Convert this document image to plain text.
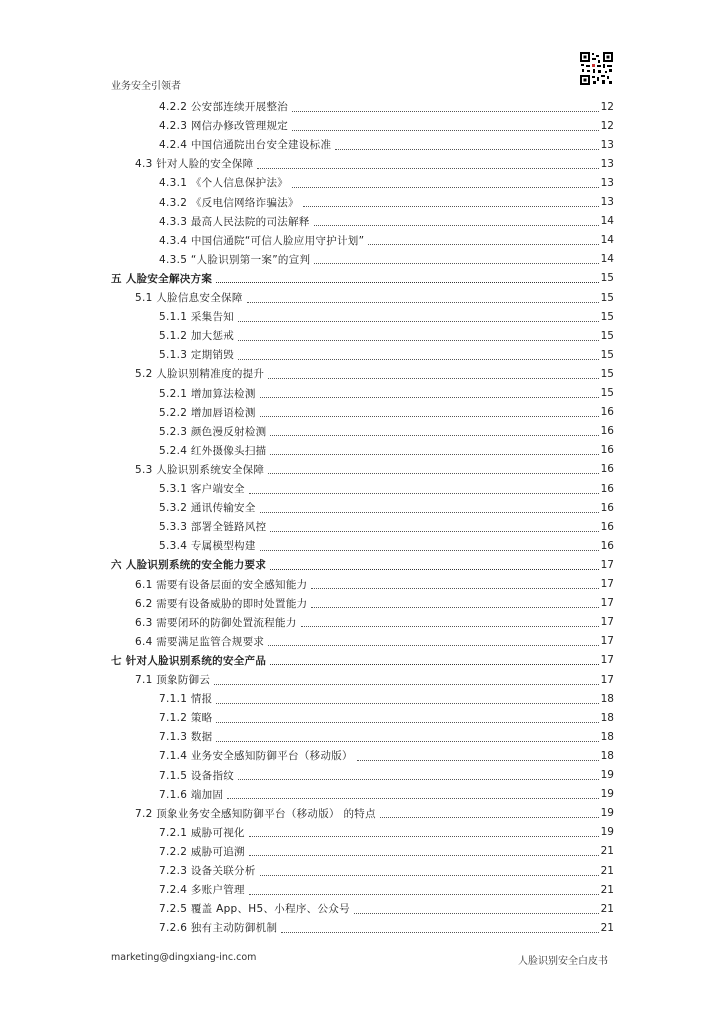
业务安全引领者
4.2.2 公安部连续开展整治	12
4.2.3 网信办修改管理规定	12
4.2.4 中国信通院出台安全建设标准	13
4.3 针对人脸的安全保障	13
4.3.1 《个人信息保护法》	13
4.3.2 《反电信网络诈骗法》	13
4.3.3 最高人民法院的司法解释	14
4.3.4 中国信通院“可信人脸应用守护计划”	14
4.3.5 “人脸识别第一案”的宣判	14
五 人脸安全解决方案	15
5.1 人脸信息安全保障	15
5.1.1 采集告知	15
5.1.2 加大惩戒	15
5.1.3 定期销毁	15
5.2 人脸识别精准度的提升	15
5.2.1 增加算法检测	15
5.2.2 增加唇语检测	16
5.2.3 颜色漫反射检测	16
5.2.4 红外摄像头扫描	16
5.3 人脸识别系统安全保障	16
5.3.1 客户端安全	16
5.3.2 通讯传输安全	16
5.3.3 部署全链路风控	16
5.3.4 专属模型构建	16
六 人脸识别系统的安全能力要求	17
6.1 需要有设备层面的安全感知能力	17
6.2 需要有设备威胁的即时处置能力	17
6.3 需要闭环的防御处置流程能力	17
6.4 需要满足监管合规要求	17
七 针对人脸识别系统的安全产品	17
7.1 顶象防御云	17
7.1.1 情报	18
7.1.2 策略	18
7.1.3 数据	18
7.1.4 业务安全感知防御平台（移动版）	18
7.1.5 设备指纹	19
7.1.6 端加固	19
7.2 顶象业务安全感知防御平台（移动版） 的特点	19
7.2.1 威胁可视化	19
7.2.2 威胁可追溯	21
7.2.3 设备关联分析	21
7.2.4 多账户管理	21
7.2.5 覆盖 App、H5、小程序、公众号	21
7.2.6 独有主动防御机制	21
marketing@dingxiang-inc.com	人脸识别安全白皮书
